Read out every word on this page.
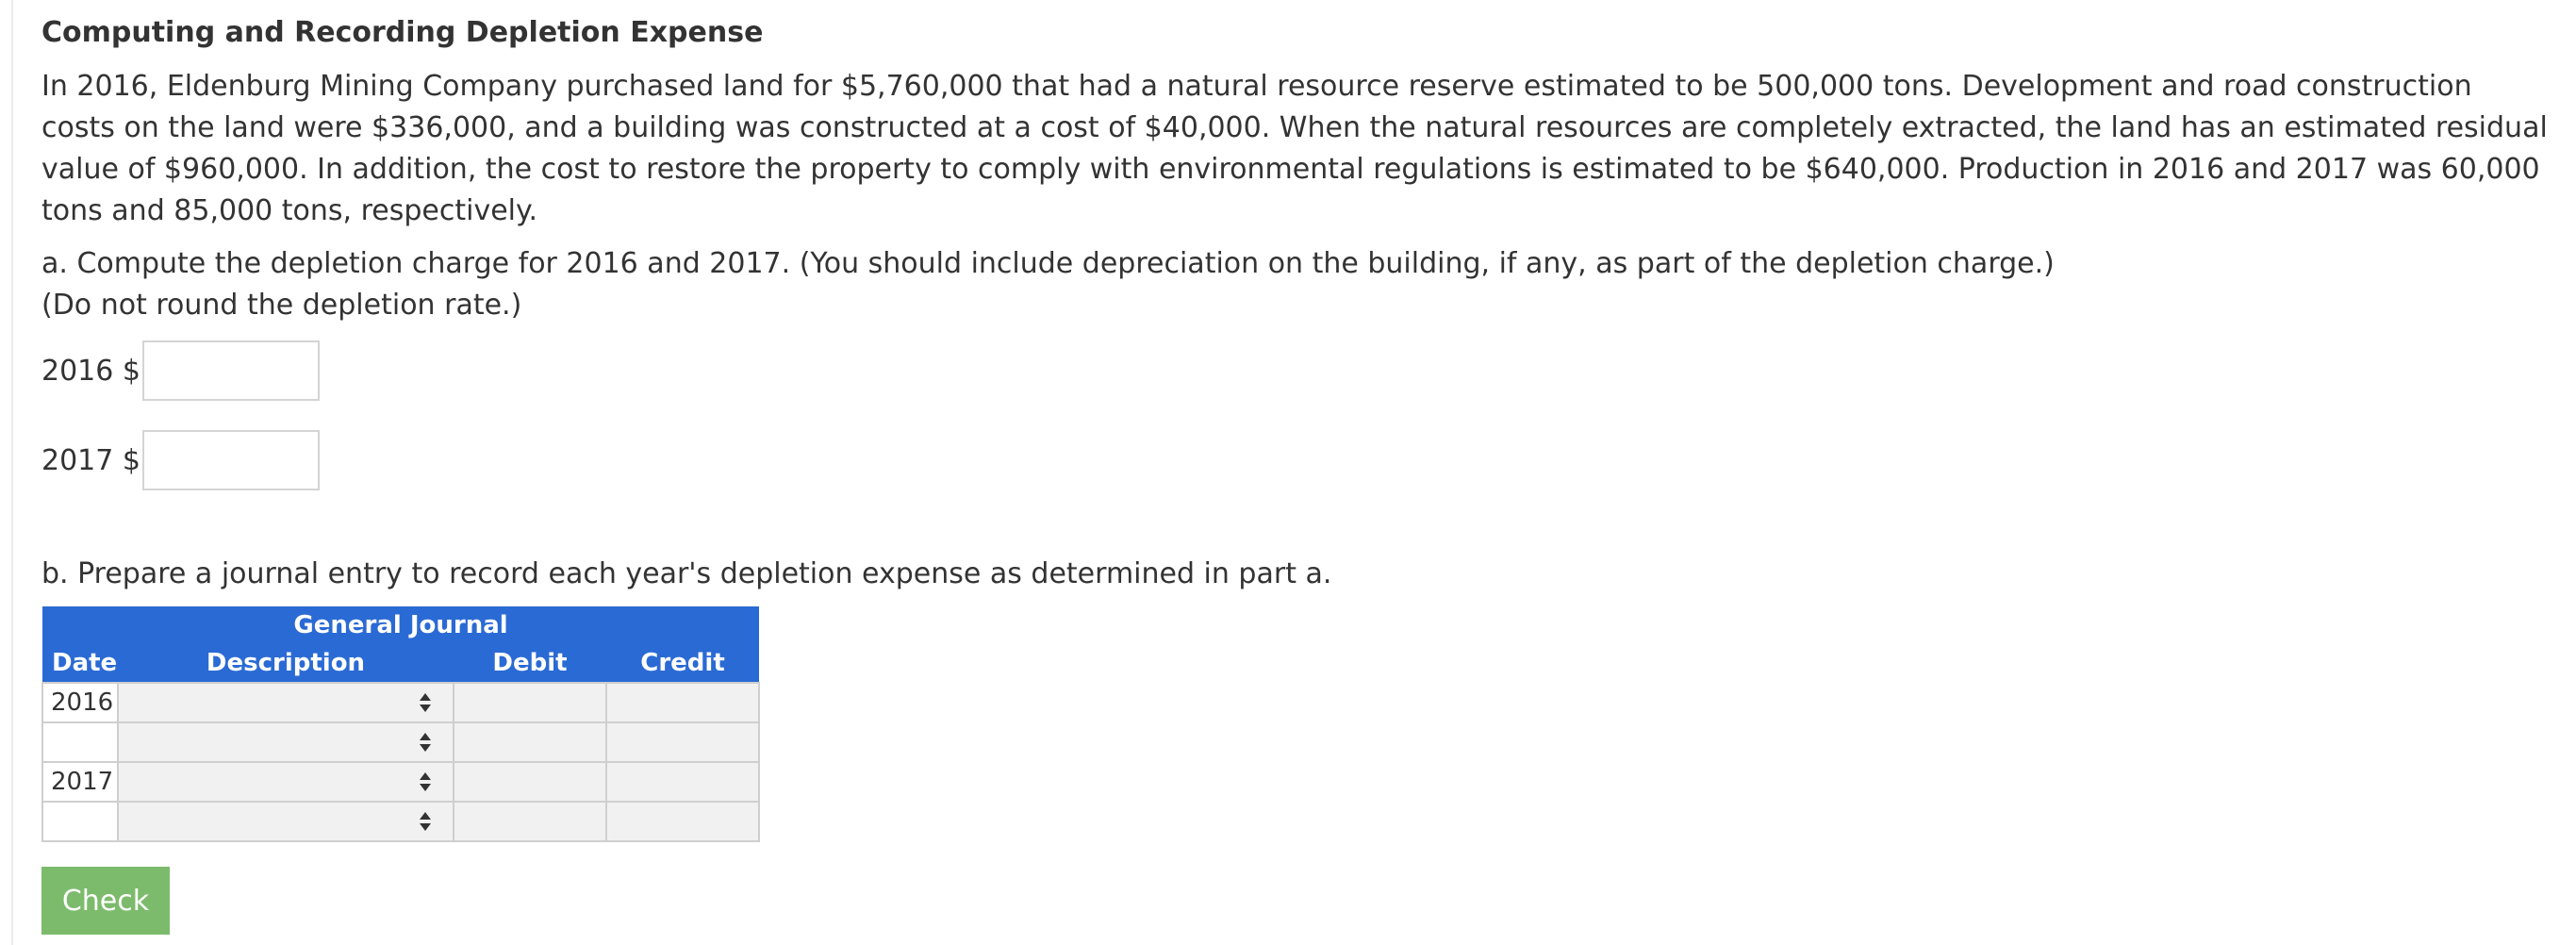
Computing and Recording Depletion Expense

In 2016, Eldenburg Mining Company purchased land for $5,760,000 that had a natural resource reserve estimated to be 500,000 tons. Development and road construction costs on the land were $336,000, and a building was constructed at a cost of $40,000. When the natural resources are completely extracted, the land has an estimated residual value of $960,000. In addition, the cost to restore the property to comply with environmental regulations is estimated to be $640,000. Production in 2016 and 2017 was 60,000 tons and 85,000 tons, respectively.

a. Compute the depletion charge for 2016 and 2017. (You should include depreciation on the building, if any, as part of the depletion charge.)
(Do not round the depletion rate.)

2016 $
2017 $

b. Prepare a journal entry to record each year's depletion expense as determined in part a.

General Journal			
Date	Description	Debit	Credit
2016	

2017	

Check
